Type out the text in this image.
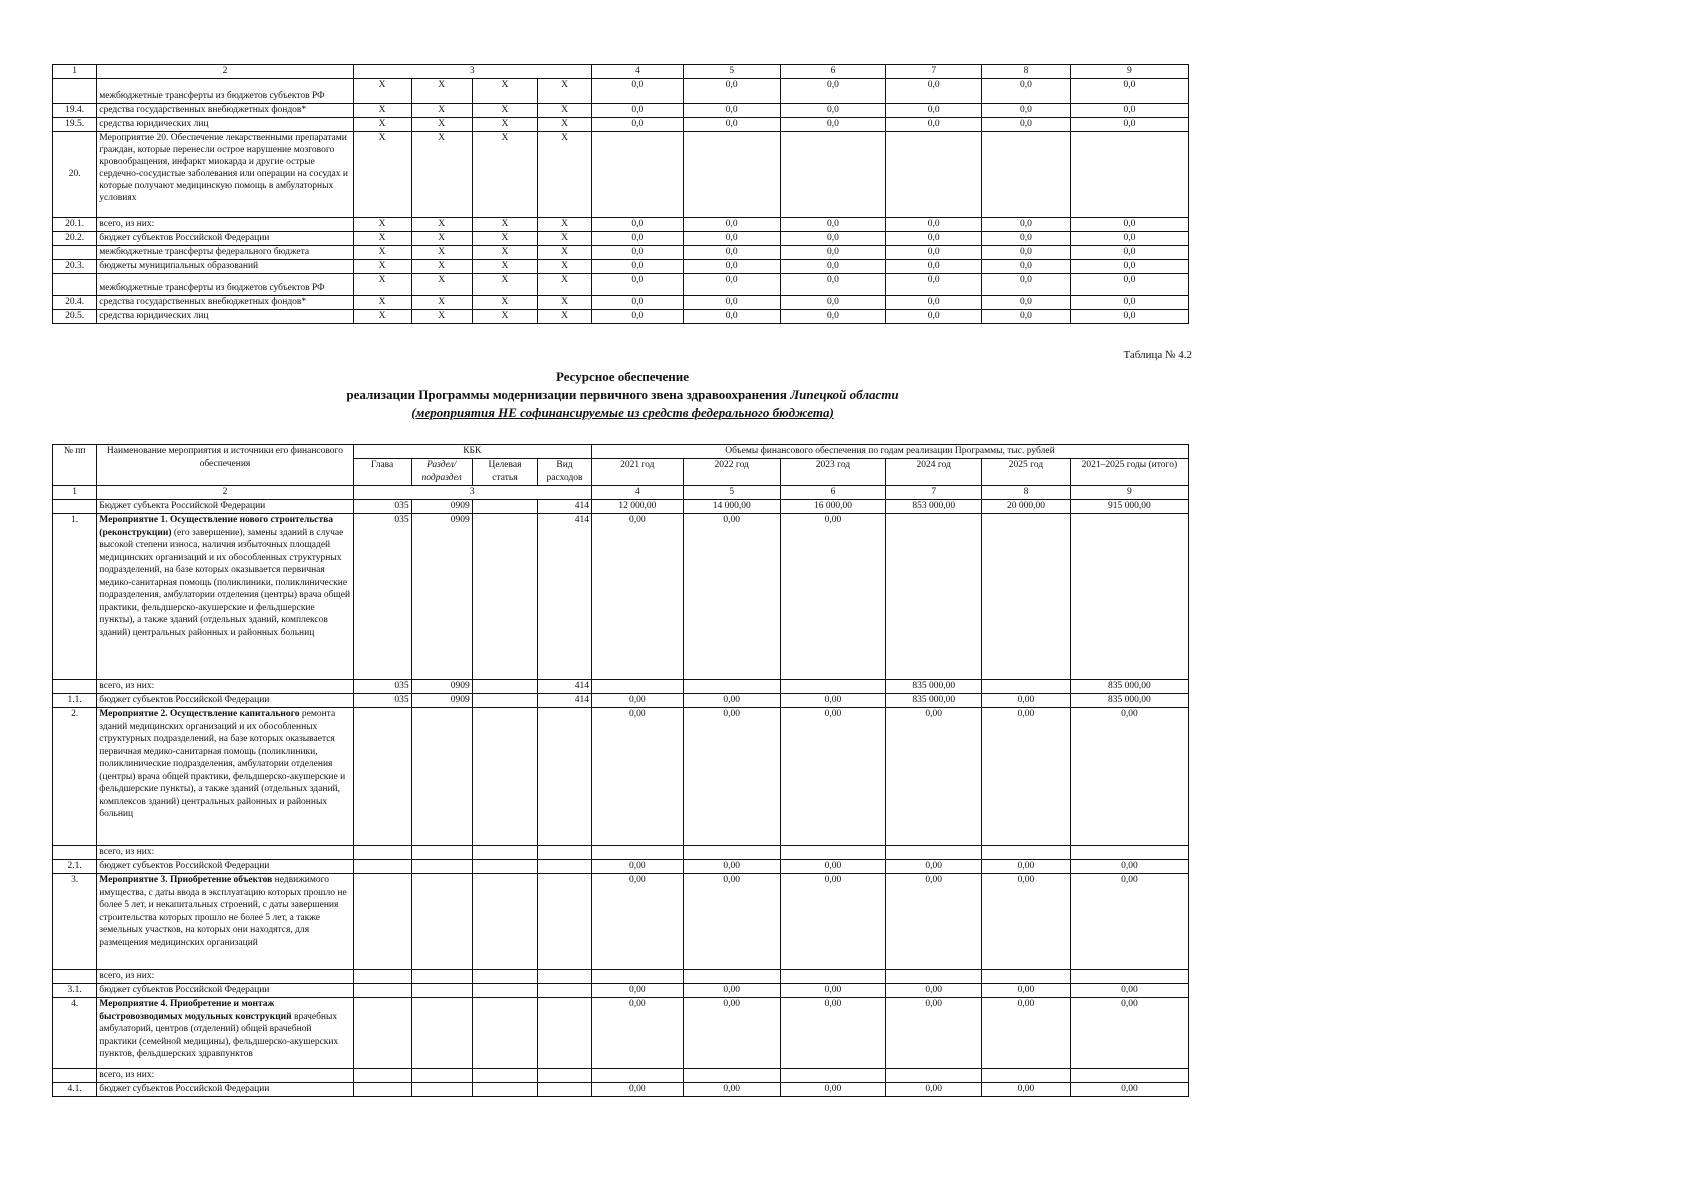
1	2	3				4	5	6	7	8	9
	межбюджетные трансферты из бюджетов субъектов РФ	X	X	X	X	0,0	0,0	0,0	0,0	0,0	0,0
19.4.	средства государственных внебюджетных фондов*	X	X	X	X	0,0	0,0	0,0	0,0	0,0	0,0
19.5.	средства юридических лиц	X	X	X	X	0,0	0,0	0,0	0,0	0,0	0,0
20.	Мероприятие 20. Обеспечение лекарственными препаратами граждан, которые перенесли острое нарушение мозгового кровообращения, инфаркт миокарда и другие острые сердечно-сосудистые заболевания или операции на сосудах и которые получают медицинскую помощь в амбулаторных условиях	X	X	X	X						
20.1.	всего, из них:	X	X	X	X	0,0	0,0	0,0	0,0	0,0	0,0
20.2.	бюджет субъектов Российской Федерации	X	X	X	X	0,0	0,0	0,0	0,0	0,0	0,0
	межбюджетные трансферты федерального бюджета	X	X	X	X	0,0	0,0	0,0	0,0	0,0	0,0
20.3.	бюджеты муниципальных образований	X	X	X	X	0,0	0,0	0,0	0,0	0,0	0,0
	межбюджетные трансферты из бюджетов субъектов РФ	X	X	X	X	0,0	0,0	0,0	0,0	0,0	0,0
20.4.	средства государственных внебюджетных фондов*	X	X	X	X	0,0	0,0	0,0	0,0	0,0	0,0
20.5.	средства юридических лиц	X	X	X	X	0,0	0,0	0,0	0,0	0,0	0,0
Таблица № 4.2
Ресурсное обеспечение
реализации Программы модернизации первичного звена здравоохранения Липецкой области
(мероприятия НЕ софинансируемые из средств федерального бюджета)
№ пп	Наименование мероприятия и источники его финансового обеспечения	КБК				Объемы финансового обеспечения по годам реализации Программы, тыс. рублей					
		Глава	Раздел/ подраздел	Целевая статья	Вид расходов	2021 год	2022 год	2023 год	2024 год	2025 год	2021–2025 годы (итого)
1	2	3				4	5	6	7	8	9
	Бюджет субъекта Российской Федерации	035	0909		414	12 000,00	14 000,00	16 000,00	853 000,00	20 000,00	915 000,00
1.	Мероприятие 1. Осуществление нового строительства (реконструкции) (его завершение), замены зданий в случае высокой степени износа, наличия избыточных площадей медицинских организаций и их обособленных структурных подразделений, на базе которых оказывается первичная медико-санитарная помощь (поликлиники, поликлинические подразделения, амбулатории отделения (центры) врача общей практики, фельдшерско-акушерские и фельдшерские пункты), а также зданий (отдельных зданий, комплексов зданий) центральных районных и районных больниц	035	0909		414	0,00	0,00	0,00			
	всего, из них:	035	0909		414				835 000,00		835 000,00
1.1.	бюджет субъектов Российской Федерации	035	0909		414	0,00	0,00	0,00	835 000,00	0,00	835 000,00
2.	Мероприятие 2. Осуществление капитального ремонта зданий медицинских организаций и их обособленных структурных подразделений, на базе которых оказывается первичная медико-санитарная помощь (поликлиники, поликлинические подразделения, амбулатории отделения (центры) врача общей практики, фельдшерско-акушерские и фельдшерские пункты), а также зданий (отдельных зданий, комплексов зданий) центральных районных и районных больниц					0,00	0,00	0,00	0,00	0,00	0,00
	всего, из них:										
2.1.	бюджет субъектов Российской Федерации					0,00	0,00	0,00	0,00	0,00	0,00
3.	Мероприятие 3. Приобретение объектов недвижимого имущества, с даты ввода в эксплуатацию которых прошло не более 5 лет, и некапитальных строений, с даты завершения строительства которых прошло не более 5 лет, а также земельных участков, на которых они находятся, для размещения медицинских организаций					0,00	0,00	0,00	0,00	0,00	0,00
	всего, из них:										
3.1.	бюджет субъектов Российской Федерации					0,00	0,00	0,00	0,00	0,00	0,00
4.	Мероприятие 4. Приобретение и монтаж быстровозводимых модульных конструкций врачебных амбулаторий, центров (отделений) общей врачебной практики (семейной медицины), фельдшерско-акушерских пунктов, фельдшерских здравпунктов					0,00	0,00	0,00	0,00	0,00	0,00
	всего, из них:										
4.1.	бюджет субъектов Российской Федерации					0,00	0,00	0,00	0,00	0,00	0,00
